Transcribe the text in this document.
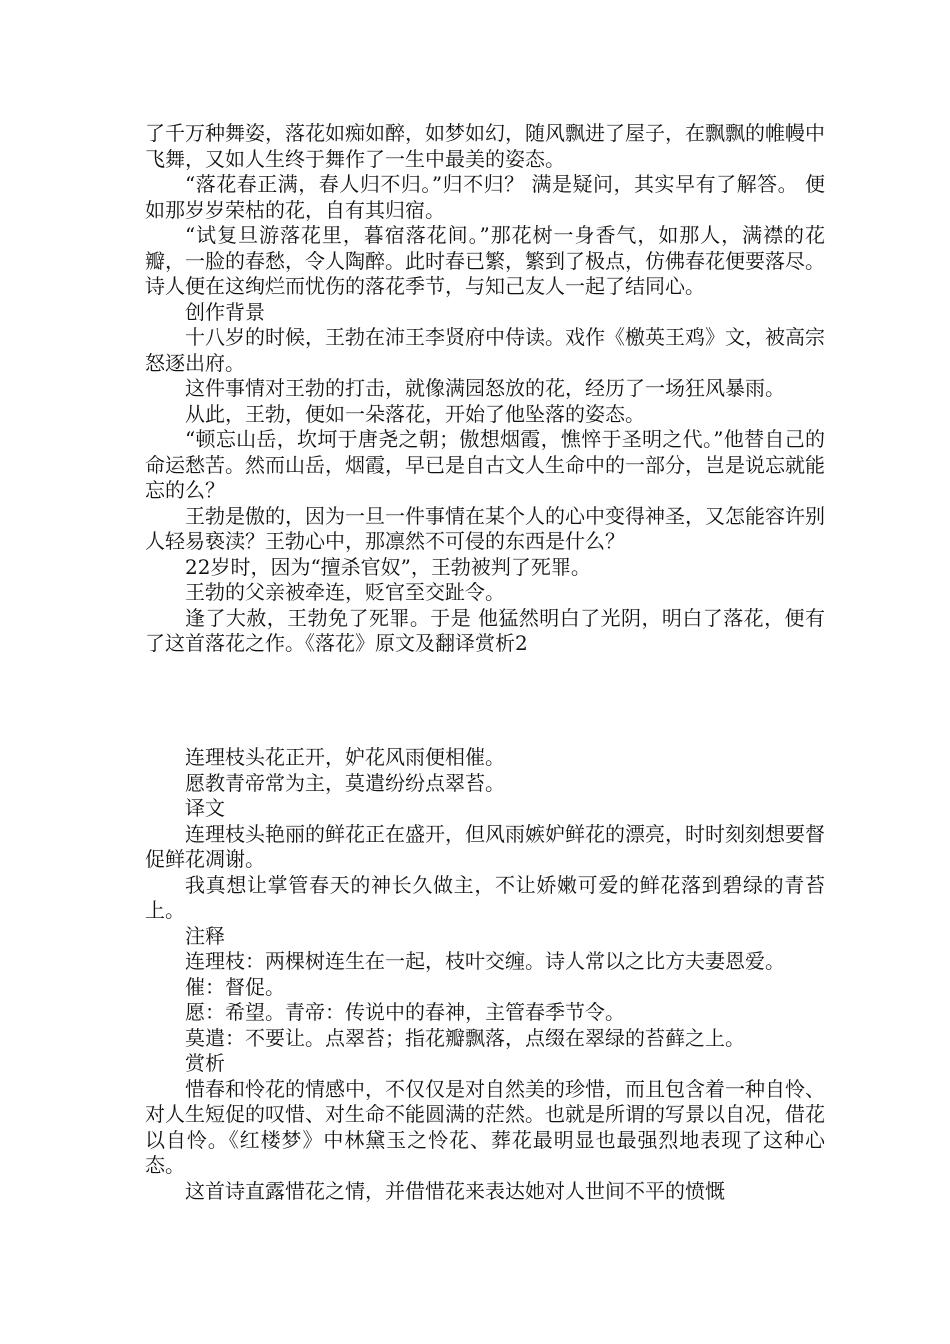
了千万种舞姿，落花如痴如醉，如梦如幻，随风飘进了屋子，在飘飘的帷幔中飞舞，又如人生终于舞作了一生中最美的姿态。

“落花春正满，春人归不归。”归不归？ 满是疑问，其实早有了解答。 便如那岁岁荣枯的花，自有其归宿。

“试复旦游落花里，暮宿落花间。”那花树一身香气，如那人，满襟的花瓣，一脸的春愁，令人陶醉。此时春已繁，繁到了极点，仿佛春花便要落尽。诗人便在这绚烂而忧伤的落花季节，与知己友人一起了结同心。

创作背景

十八岁的时候，王勃在沛王李贤府中侍读。戏作《檄英王鸡》文，被高宗怒逐出府。

这件事情对王勃的打击，就像满园怒放的花，经历了一场狂风暴雨。

从此，王勃，便如一朵落花，开始了他坠落的姿态。

“顿忘山岳，坎坷于唐尧之朝；傲想烟霞，憔悴于圣明之代。”他替自己的命运愁苦。然而山岳，烟霞，早已是自古文人生命中的一部分，岂是说忘就能忘的么？

王勃是傲的，因为一旦一件事情在某个人的心中变得神圣，又怎能容许别人轻易亵渎？王勃心中，那凛然不可侵的东西是什么？

22岁时，因为“擅杀官奴”，王勃被判了死罪。

王勃的父亲被牵连，贬官至交趾令。

逢了大赦，王勃免了死罪。于是 他猛然明白了光阴，明白了落花，便有了这首落花之作。《落花》原文及翻译赏析2

连理枝头花正开，妒花风雨便相催。

愿教青帝常为主，莫遣纷纷点翠苔。

译文

连理枝头艳丽的鲜花正在盛开，但风雨嫉妒鲜花的漂亮，时时刻刻想要督促鲜花凋谢。

我真想让掌管春天的神长久做主，不让娇嫩可爱的鲜花落到碧绿的青苔上。

注释

连理枝：两棵树连生在一起，枝叶交缠。诗人常以之比方夫妻恩爱。

催：督促。

愿：希望。青帝：传说中的春神，主管春季节令。

莫遣：不要让。点翠苔；指花瓣飘落，点缀在翠绿的苔藓之上。

赏析

惜春和怜花的情感中，不仅仅是对自然美的珍惜，而且包含着一种自怜、对人生短促的叹惜、对生命不能圆满的茫然。也就是所谓的写景以自况，借花以自怜。《红楼梦》中林黛玉之怜花、葬花最明显也最强烈地表现了这种心态。

这首诗直露惜花之情，并借惜花来表达她对人世间不平的愤慨
